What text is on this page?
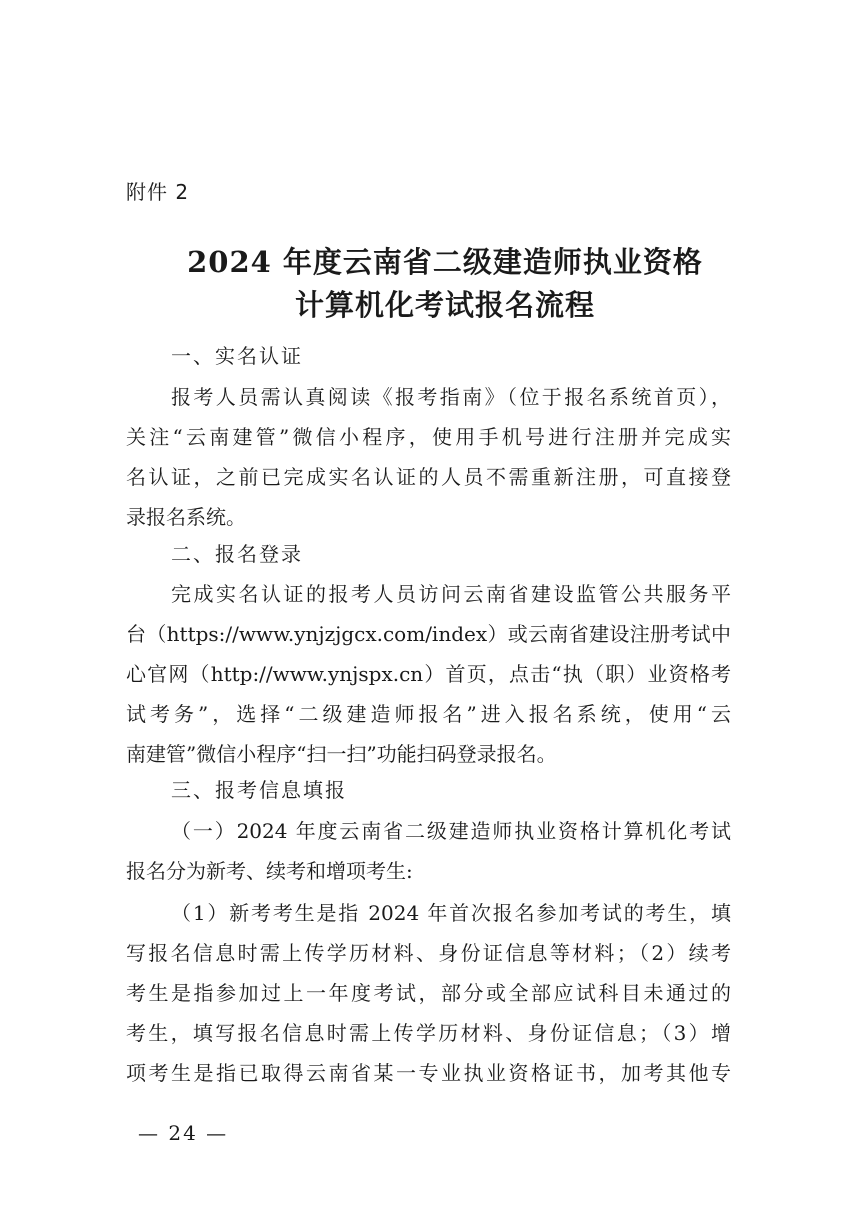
附件 2
2024 年度云南省二级建造师执业资格
计算机化考试报名流程
一、实名认证
报考人员需认真阅读《报考指南》（位于报名系统首页），
关注“云南建管”微信小程序，使用手机号进行注册并完成实
名认证，之前已完成实名认证的人员不需重新注册，可直接登
录报名系统。
二、报名登录
完成实名认证的报考人员访问云南省建设监管公共服务平
台（https://www.ynjzjgcx.com/index）或云南省建设注册考试中
心官网（http://www.ynjspx.cn）首页，点击“执（职）业资格考
试考务”，选择“二级建造师报名”进入报名系统，使用“云
南建管”微信小程序“扫一扫”功能扫码登录报名。
三、报考信息填报
（一）2024 年度云南省二级建造师执业资格计算机化考试
报名分为新考、续考和增项考生:
（1）新考考生是指 2024 年首次报名参加考试的考生，填
写报名信息时需上传学历材料、身份证信息等材料；（2）续考
考生是指参加过上一年度考试，部分或全部应试科目未通过的
考生，填写报名信息时需上传学历材料、身份证信息；（3）增
项考生是指已取得云南省某一专业执业资格证书，加考其他专
— 24 —
